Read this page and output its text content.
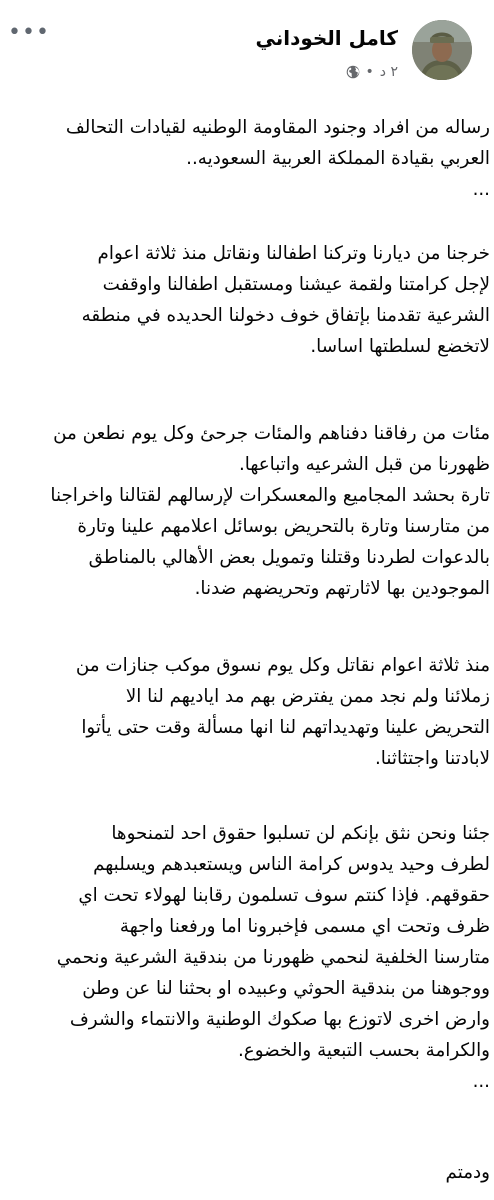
كامل الخوداني
٢ د
•
•••

رساله من افراد وجنود المقاومة الوطنيه لقيادات التحالف
العربي بقيادة المملكة العربية السعوديه..
...

خرجنا من ديارنا وتركنا اطفالنا ونقاتل منذ ثلاثة اعوام
لإجل كرامتنا ولقمة عيشنا ومستقبل اطفالنا واوقفت
الشرعية تقدمنا بإتفاق خوف دخولنا الحديده في منطقه
لاتخضع لسلطتها اساسا.

مئات من رفاقنا دفناهم والمئات جرحئ وكل يوم نطعن من
ظهورنا من قبل الشرعيه واتباعها.
تارة بحشد المجاميع والمعسكرات لإرسالهم لقتالنا واخراجنا
من متارسنا وتارة بالتحريض بوسائل اعلامهم علينا وتارة
بالدعوات لطردنا وقتلنا وتمويل بعض الأهالي بالمناطق
الموجودين بها لاثارتهم وتحريضهم ضدنا.

منذ ثلاثة اعوام نقاتل وكل يوم نسوق موكب جنازات من
زملائنا ولم نجد ممن يفترض بهم مد اياديهم لنا الا
التحريض علينا وتهديداتهم لنا انها مسألة وقت حتى يأتوا
لابادتنا واجتثاثنا.

جئنا ونحن نثق بإنكم لن تسلبوا حقوق احد لتمنحوها
لطرف وحيد يدوس كرامة الناس ويستعبدهم ويسلبهم
حقوقهم. فإذا كنتم سوف تسلمون رقابنا لهولاء تحت اي
ظرف وتحت اي مسمى فإخبرونا اما ورفعنا واجهة
متارسنا الخلفية لنحمي ظهورنا من بندقية الشرعية ونحمي
ووجوهنا من بندقية الحوثي وعبيده او بحثنا لنا عن وطن
وارض اخرى لاتوزع بها صكوك الوطنية والانتماء والشرف
والكرامة بحسب التبعية والخضوع.
...

ودمتم
